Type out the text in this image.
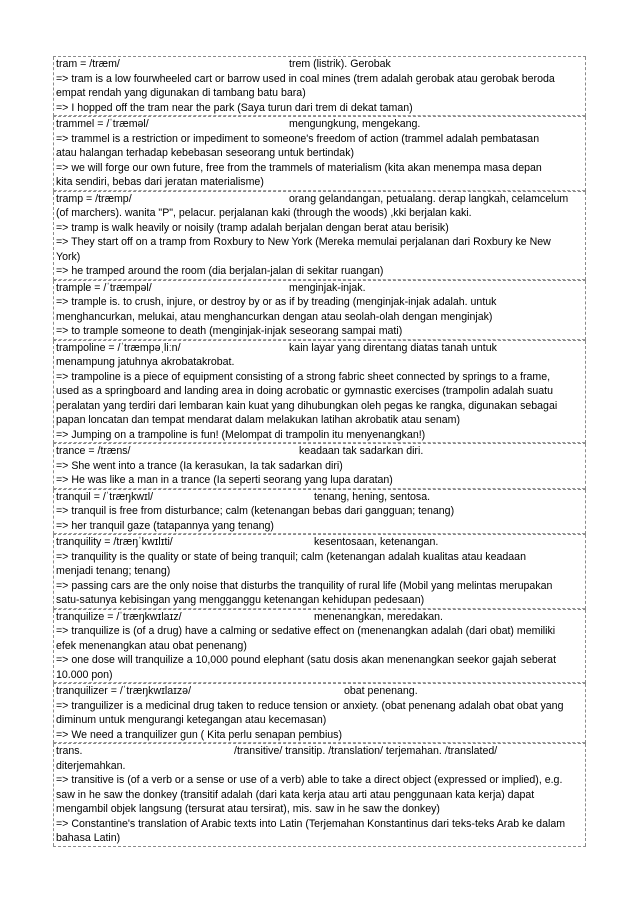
tram = /træm/	trem (listrik). Gerobak
=> tram is a low fourwheeled cart or barrow used in coal mines (trem adalah gerobak atau gerobak beroda
empat rendah yang digunakan di tambang batu bara)
=> I hopped off the tram near the park (Saya turun dari trem di dekat taman)
trammel = /ˈtræməl/	mengungkung, mengekang.
=> trammel is a restriction or impediment to someone's freedom of action (trammel adalah pembatasan
atau halangan terhadap kebebasan seseorang untuk bertindak)
=> we will forge our own future, free from the trammels of materialism (kita akan menempa masa depan
kita sendiri, bebas dari jeratan materialisme)
tramp = /træmp/	orang gelandangan, petualang. derap langkah, celamcelum
(of marchers). wanita "P", pelacur. perjalanan kaki (through the woods) ,kki berjalan kaki.
=> tramp is walk heavily or noisily (tramp adalah berjalan dengan berat atau berisik)
=> They start off on a tramp from Roxbury to New York (Mereka memulai perjalanan dari Roxbury ke New
York)
=> he tramped around the room (dia berjalan-jalan di sekitar ruangan)
trample = /ˈtræmpəl/	menginjak-injak.
=> trample is. to crush, injure, or destroy by or as if by treading (menginjak-injak adalah. untuk
menghancurkan, melukai, atau menghancurkan dengan atau seolah-olah dengan menginjak)
=> to trample someone to death (menginjak-injak seseorang sampai mati)
trampoline = /ˈtræmpəˌliːn/	kain layar yang direntang diatas tanah untuk
menampung jatuhnya akrobatakrobat.
=> trampoline is a piece of equipment consisting of a strong fabric sheet connected by springs to a frame,
used as a springboard and landing area in doing acrobatic or gymnastic exercises (trampolin adalah suatu
peralatan yang terdiri dari lembaran kain kuat yang dihubungkan oleh pegas ke rangka, digunakan sebagai
papan loncatan dan tempat mendarat dalam melakukan latihan akrobatik atau senam)
=> Jumping on a trampoline is fun! (Melompat di trampolin itu menyenangkan!)
trance = /træns/	keadaan tak sadarkan diri.
=> She went into a trance (Ia kerasukan, Ia tak sadarkan diri)
=> He was like a man in a trance (Ia seperti seorang yang lupa daratan)
tranquil = /ˈtræŋkwɪl/	tenang, hening, sentosa.
=> tranquil is free from disturbance; calm (ketenangan bebas dari gangguan; tenang)
=> her tranquil gaze (tatapannya yang tenang)
tranquility = /træŋˈkwɪlɪti/	kesentosaan, ketenangan.
=> tranquility is the quality or state of being tranquil; calm (ketenangan adalah kualitas atau keadaan
menjadi tenang; tenang)
=> passing cars are the only noise that disturbs the tranquility of rural life (Mobil yang melintas merupakan
satu-satunya kebisingan yang mengganggu ketenangan kehidupan pedesaan)
tranquilize = /ˈtræŋkwɪlaɪz/	menenangkan, meredakan.
=> tranquilize is (of a drug) have a calming or sedative effect on (menenangkan adalah (dari obat) memiliki
efek menenangkan atau obat penenang)
=> one dose will tranquilize a 10,000 pound elephant (satu dosis akan menenangkan seekor gajah seberat
10.000 pon)
tranquilizer = /ˈtræŋkwɪlaɪzə/	obat penenang.
=> tranguilizer is a medicinal drug taken to reduce tension or anxiety. (obat penenang adalah obat obat yang
diminum untuk mengurangi ketegangan atau kecemasan)
=> We need a tranquilizer gun ( Kita perlu senapan pembius)
trans.	/transitive/ transitip. /translation/ terjemahan. /translated/
diterjemahkan.
=> transitive is (of a verb or a sense or use of a verb) able to take a direct object (expressed or implied), e.g.
saw in he saw the donkey (transitif adalah (dari kata kerja atau arti atau penggunaan kata kerja) dapat
mengambil objek langsung (tersurat atau tersirat), mis. saw in he saw the donkey)
=> Constantine's translation of Arabic texts into Latin (Terjemahan Konstantinus dari teks-teks Arab ke dalam
bahasa Latin)
